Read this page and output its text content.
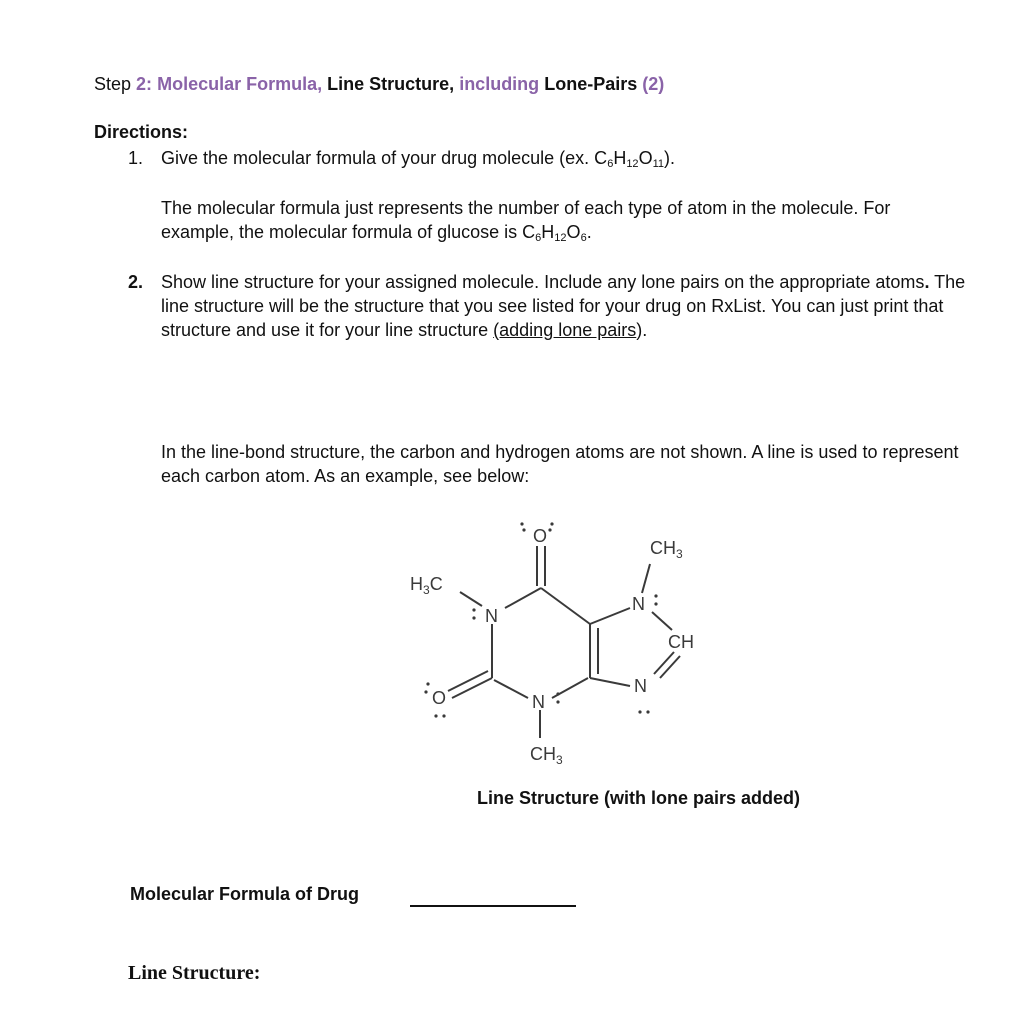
Step 2: Molecular Formula, Line Structure, including Lone-Pairs (2)
Directions:
1. Give the molecular formula of your drug molecule (ex. $C_6H_{12}O_{11}$).
The molecular formula just represents the number of each type of atom in the molecule. For example, the molecular formula of glucose is $C_6H_{12}O_6$.
2. Show line structure for your assigned molecule. Include any lone pairs on the appropriate atoms. The line structure will be the structure that you see listed for your drug on RxList. You can just print that structure and use it for your line structure (adding lone pairs).
In the line-bond structure, the carbon and hydrogen atoms are not shown. A line is used to represent each carbon atom. As an example, see below:
O
$CH_3$
$H_3C$
N
N
CH
O	N
N
$CH_3$
Line Structure (with lone pairs added)
Molecular Formula of Drug
Line Structure:
